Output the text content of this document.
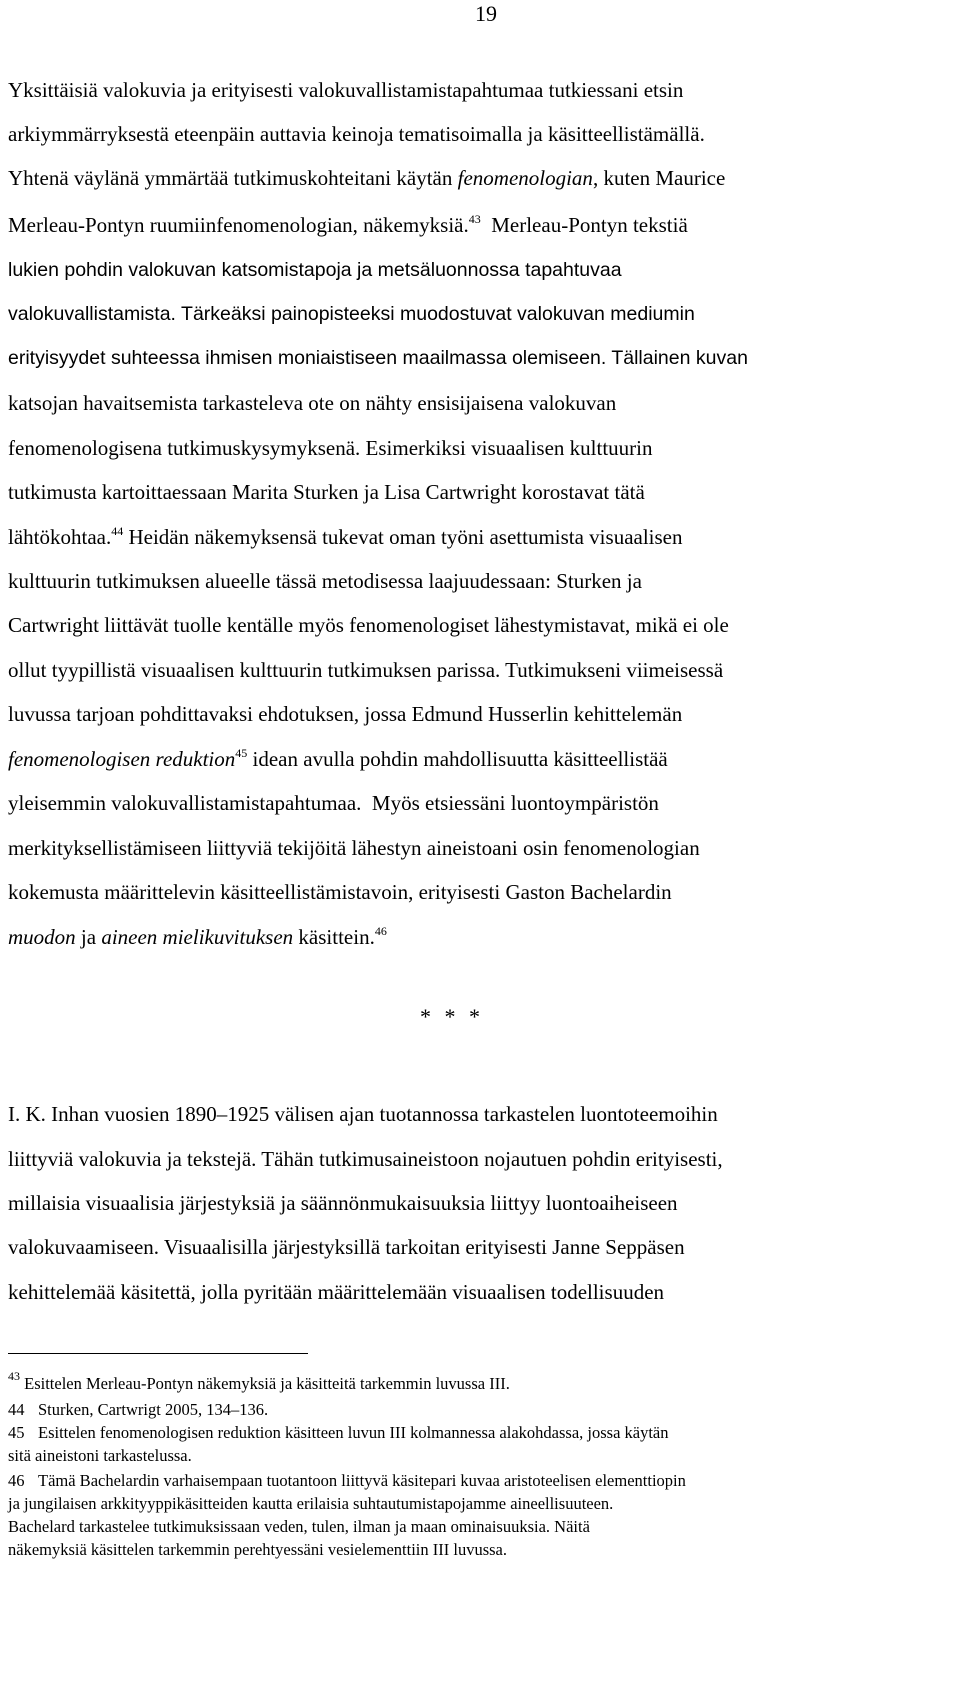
19
Yksittäisiä valokuvia ja erityisesti valokuvallistamistapahtumaa tutkiessani etsin
arkiymmärryksestä eteenpäin auttavia keinoja tematisoimalla ja käsitteellistämällä.
Yhtenä väylänä ymmärtää tutkimuskohteitani käytän fenomenologian, kuten Maurice
Merleau-Pontyn ruumiinfenomenologian, näkemyksiä.$^{43}$  Merleau-Pontyn tekstiä
lukien pohdin valokuvan katsomistapoja ja metsäluonnossa tapahtuvaa
valokuvallistamista. Tärkeäksi painopisteeksi muodostuvat valokuvan mediumin
erityisyydet suhteessa ihmisen moniaistiseen maailmassa olemiseen. Tällainen kuvan
katsojan havaitsemista tarkasteleva ote on nähty ensisijaisena valokuvan
fenomenologisena tutkimuskysymyksenä. Esimerkiksi visuaalisen kulttuurin
tutkimusta kartoittaessaan Marita Sturken ja Lisa Cartwright korostavat tätä
lähtökohtaa.$^{44}$ Heidän näkemyksensä tukevat oman työni asettumista visuaalisen
kulttuurin tutkimuksen alueelle tässä metodisessa laajuudessaan: Sturken ja
Cartwright liittävät tuolle kentälle myös fenomenologiset lähestymistavat, mikä ei ole
ollut tyypillistä visuaalisen kulttuurin tutkimuksen parissa. Tutkimukseni viimeisessä
luvussa tarjoan pohdittavaksi ehdotuksen, jossa Edmund Husserlin kehittelemän
fenomenologisen reduktion$^{45}$ idean avulla pohdin mahdollisuutta käsitteellistää
yleisemmin valokuvallistamistapahtumaa.  Myös etsiessäni luontoympäristön
merkityksellistämiseen liittyviä tekijöitä lähestyn aineistoani osin fenomenologian
kokemusta määrittelevin käsitteellistämistavoin, erityisesti Gaston Bachelardin
muodon ja aineen mielikuvituksen käsittein.$^{46}$
* * *
I. K. Inhan vuosien 1890–1925 välisen ajan tuotannossa tarkastelen luontoteemoihin
liittyviä valokuvia ja tekstejä. Tähän tutkimusaineistoon nojautuen pohdin erityisesti,
millaisia visuaalisia järjestyksiä ja säännönmukaisuuksia liittyy luontoaiheiseen
valokuvaamiseen. Visuaalisilla järjestyksillä tarkoitan erityisesti Janne Seppäsen
kehittelemää käsitettä, jolla pyritään määrittelemään visuaalisen todellisuuden
$^{43}$ Esittelen Merleau-Pontyn näkemyksiä ja käsitteitä tarkemmin luvussa III.
44 Sturken, Cartwrigt 2005, 134–136.
45 Esittelen fenomenologisen reduktion käsitteen luvun III kolmannessa alakohdassa, jossa käytän
sitä aineistoni tarkastelussa.
46 Tämä Bachelardin varhaisempaan tuotantoon liittyvä käsitepari kuvaa aristoteelisen elementtiopin
ja jungilaisen arkkityyppikäsitteiden kautta erilaisia suhtautumistapojamme aineellisuuteen.
Bachelard tarkastelee tutkimuksissaan veden, tulen, ilman ja maan ominaisuuksia. Näitä
näkemyksiä käsittelen tarkemmin perehtyessäni vesielementtiin III luvussa.
